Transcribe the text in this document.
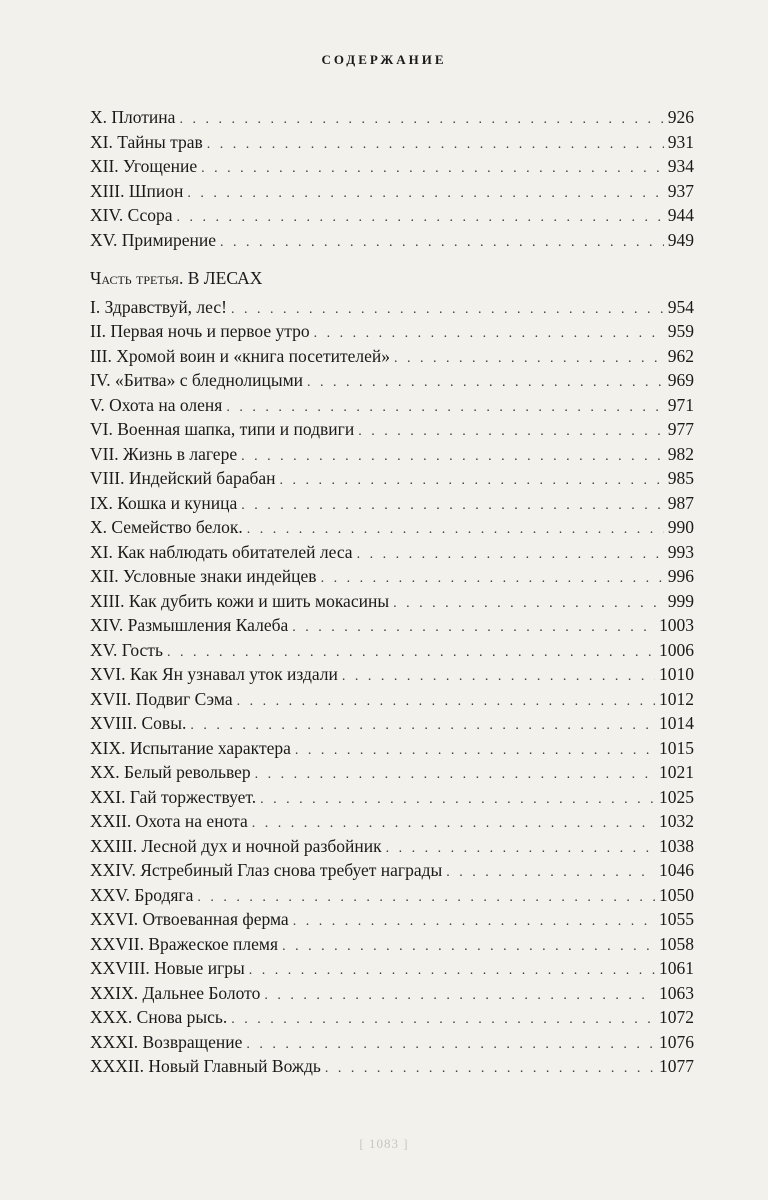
СОДЕРЖАНИЕ
X. Плотина . . .	926
XI. Тайны трав . . .	931
XII. Угощение . . .	934
XIII. Шпион . . .	937
XIV. Ссора . . .	944
XV. Примирение . . .	949
Часть третья. В ЛЕСАХ
I. Здравствуй, лес! . . .	954
II. Первая ночь и первое утро . . .	959
III. Хромой воин и «книга посетителей» . . .	962
IV. «Битва» с бледнолицыми . . .	969
V. Охота на оленя . . .	971
VI. Военная шапка, типи и подвиги . . .	977
VII. Жизнь в лагере . . .	982
VIII. Индейский барабан . . .	985
IX. Кошка и куница . . .	987
X. Семейство белок. . . .	990
XI. Как наблюдать обитателей леса . . .	993
XII. Условные знаки индейцев . . .	996
XIII. Как дубить кожи и шить мокасины . . .	999
XIV. Размышления Калеба . . .	1003
XV. Гость . . .	1006
XVI. Как Ян узнавал уток издали . . .	1010
XVII. Подвиг Сэма . . .	1012
XVIII. Совы. . . .	1014
XIX. Испытание характера . . .	1015
XX. Белый револьвер . . .	1021
XXI. Гай торжествует. . . .	1025
XXII. Охота на енота . . .	1032
XXIII. Лесной дух и ночной разбойник . . .	1038
XXIV. Ястребиный Глаз снова требует награды . . .	1046
XXV. Бродяга . . .	1050
XXVI. Отвоеванная ферма . . .	1055
XXVII. Вражеское племя . . .	1058
XXVIII. Новые игры . . .	1061
XXIX. Дальнее Болото . . .	1063
XXX. Снова рысь. . . .	1072
XXXI. Возвращение . . .	1076
XXXII. Новый Главный Вождь . . .	1077
[ 1083 ]
